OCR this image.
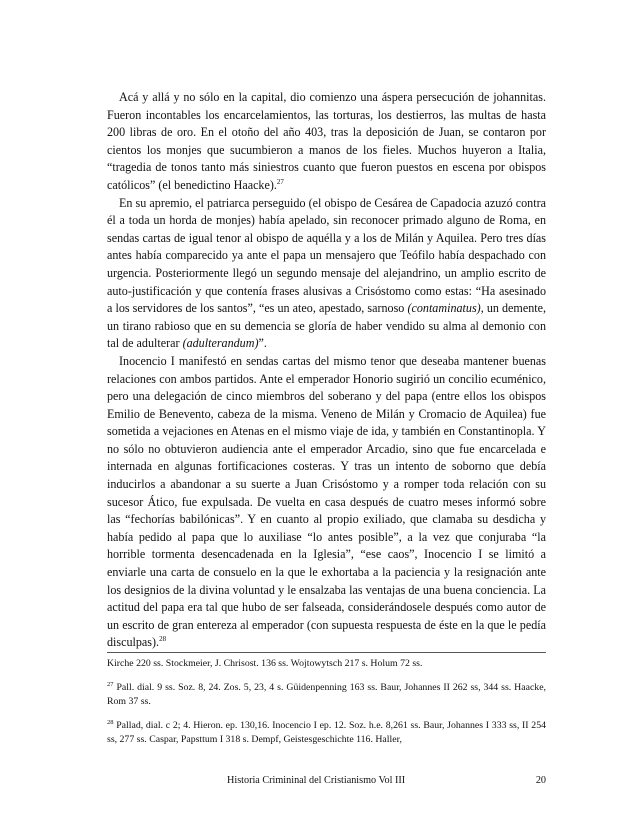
Acá y allá y no sólo en la capital, dio comienzo una áspera persecución de johannitas. Fueron incontables los encarcelamientos, las torturas, los destierros, las multas de hasta 200 libras de oro. En el otoño del año 403, tras la deposición de Juan, se contaron por cientos los monjes que sucumbieron a manos de los fieles. Muchos huyeron a Italia, “tragedia de tonos tanto más siniestros cuanto que fueron puestos en escena por obispos católicos” (el benedictino Haacke).$^{27}$

En su apremio, el patriarca perseguido (el obispo de Cesárea de Capadocia azuzó contra él a toda un horda de monjes) había apelado, sin reconocer primado alguno de Roma, en sendas cartas de igual tenor al obispo de aquélla y a los de Milán y Aquilea. Pero tres días antes había comparecido ya ante el papa un mensajero que Teófilo había despachado con urgencia. Posteriormente llegó un segundo mensaje del alejandrino, un amplio escrito de auto-justificación y que contenía frases alusivas a Crisóstomo como estas: “Ha asesinado a los servidores de los santos”, “es un ateo, apestado, sarnoso (contaminatus), un demente, un tirano rabioso que en su demencia se gloría de haber vendido su alma al demonio con tal de adulterar (adulterandum)”.

Inocencio I manifestó en sendas cartas del mismo tenor que deseaba mantener buenas relaciones con ambos partidos. Ante el emperador Honorio sugirió un concilio ecuménico, pero una delegación de cinco miembros del soberano y del papa (entre ellos los obispos Emilio de Benevento, cabeza de la misma. Veneno de Milán y Cromacio de Aquilea) fue sometida a vejaciones en Atenas en el mismo viaje de ida, y también en Constantinopla. Y no sólo no obtuvieron audiencia ante el emperador Arcadio, sino que fue encarcelada e internada en algunas fortificaciones costeras. Y tras un intento de soborno que debía inducirlos a abandonar a su suerte a Juan Crisóstomo y a romper toda relación con su sucesor Ático, fue expulsada. De vuelta en casa después de cuatro meses informó sobre las “fechorías babilónicas”. Y en cuanto al propio exiliado, que clamaba su desdicha y había pedido al papa que lo auxiliase “lo antes posible”, a la vez que conjuraba “la horrible tormenta desencadenada en la Iglesia”, “ese caos”, Inocencio I se limitó a enviarle una carta de consuelo en la que le exhortaba a la paciencia y la resignación ante los designios de la divina voluntad y le ensalzaba las ventajas de una buena conciencia. La actitud del papa era tal que hubo de ser falseada, considerándosele después como autor de un escrito de gran entereza al emperador (con supuesta respuesta de éste en la que le pedía disculpas).$^{28}$

Kirche 220 ss. Stockmeier, J. Chrisost. 136 ss. Wojtowytsch 217 s. Holum 72 ss.

$^{27}$ Pall. dial. 9 ss. Soz. 8, 24. Zos. 5, 23, 4 s. Güidenpenning 163 ss. Baur, Johannes II 262 ss, 344 ss. Haacke, Rom 37 ss.

$^{28}$ Pallad, dial. c 2; 4. Hieron. ep. 130,16. Inocencio I ep. 12. Soz. h.e. 8,261 ss. Baur, Johannes I 333 ss, II 254 ss, 277 ss. Caspar, Papsttum I 318 s. Dempf, Geistesgeschichte 116. Haller,

Historia Crimininal del Cristianismo Vol III	20
